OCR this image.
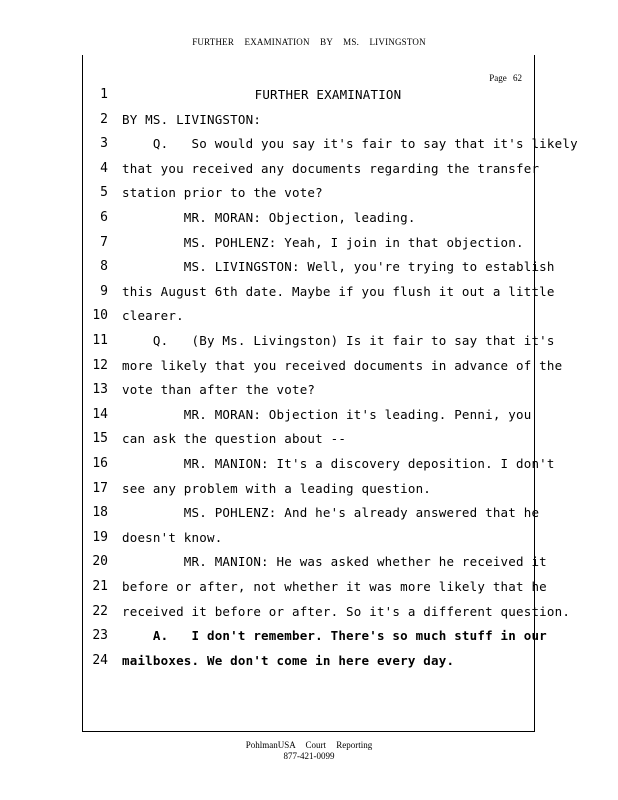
FURTHER EXAMINATION BY MS. LIVINGSTON
Page 62
1	FURTHER EXAMINATION
2 BY MS. LIVINGSTON:
3 Q.   So would you say it's fair to say that it's likely
4 that you received any documents regarding the transfer
5 station prior to the vote?
6 MR. MORAN: Objection, leading.
7 MS. POHLENZ: Yeah, I join in that objection.
8 MS. LIVINGSTON: Well, you're trying to establish
9 this August 6th date. Maybe if you flush it out a little
10 clearer.
11 Q.   (By Ms. Livingston) Is it fair to say that it's
12 more likely that you received documents in advance of the
13 vote than after the vote?
14 MR. MORAN: Objection it's leading. Penni, you
15 can ask the question about --
16 MR. MANION: It's a discovery deposition. I don't
17 see any problem with a leading question.
18 MS. POHLENZ: And he's already answered that he
19 doesn't know.
20 MR. MANION: He was asked whether he received it
21 before or after, not whether it was more likely that he
22 received it before or after. So it's a different question.
23 A.   I don't remember. There's so much stuff in our
24 mailboxes. We don't come in here every day.
PohlmanUSA Court Reporting
877-421-0099
